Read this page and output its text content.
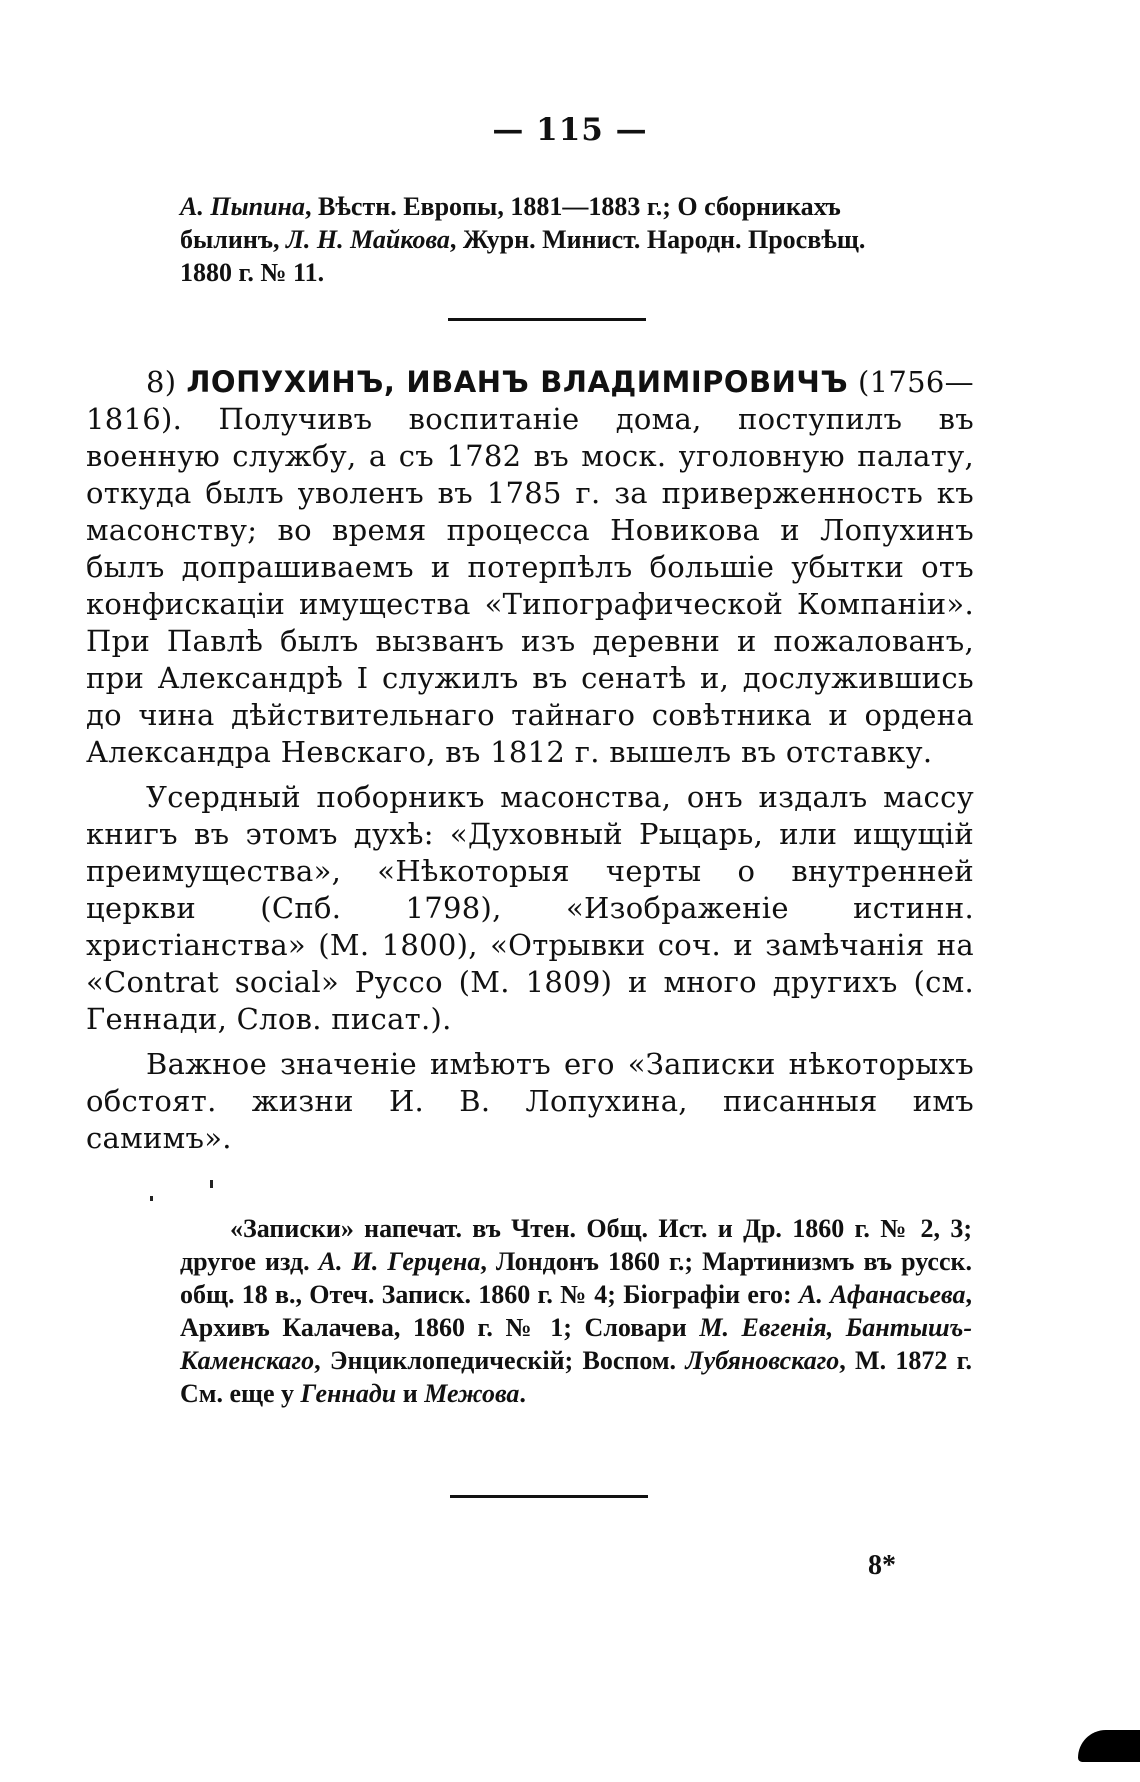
— 115 —
А. Пыпина, Вѣстн. Европы, 1881—1883 г.; О сборникахъ
былинъ, Л. Н. Майкова, Журн. Минист. Народн. Просвѣщ.
1880 г. № 11.

8) ЛОПУХИНЪ, ИВАНЪ ВЛАДИМІРОВИЧЪ (1756—1816). Получивъ воспитаніе дома, поступилъ въ военную службу, а съ 1782 въ моск. уголовную палату, откуда былъ уволенъ въ 1785 г. за приверженность къ масонству; во время процесса Новикова и Лопухинъ былъ допрашиваемъ и потерпѣлъ большіе убытки отъ конфискаціи имущества «Типографической Компаніи». При Павлѣ былъ вызванъ изъ деревни и пожалованъ, при Александрѣ I служилъ въ сенатѣ и, дослужившись до чина дѣйствительнаго тайнаго совѣтника и ордена Александра Невскаго, въ 1812 г. вышелъ въ отставку.

Усердный поборникъ масонства, онъ издалъ массу книгъ въ этомъ духѣ: «Духовный Рыцарь, или ищущій преимущества», «Нѣкоторыя черты о внутренней церкви (Спб. 1798), «Изображеніе истинн. христіанства» (М. 1800), «Отрывки соч. и замѣчанія на «Contrat social» Руссо (М. 1809) и много другихъ (см. Геннади, Слов. писат.).

Важное значеніе имѣютъ его «Записки нѣкоторыхъ обстоят. жизни И. В. Лопухина, писанныя имъ самимъ».

«Записки» напечат. въ Чтен. Общ. Ист. и Др. 1860 г. № 2, 3; другое изд. А. И. Герцена, Лондонъ 1860 г.; Мартинизмъ въ русск. общ. 18 в., Отеч. Записк. 1860 г. № 4; Біографіи его: А. Афанасьева, Архивъ Калачева, 1860 г. № 1; Словари М. Евгенія, Бантышъ-Каменскаго, Энциклопедическій; Воспом. Лубяновскаго, М. 1872 г. См. еще у Геннади и Межова.
8*
